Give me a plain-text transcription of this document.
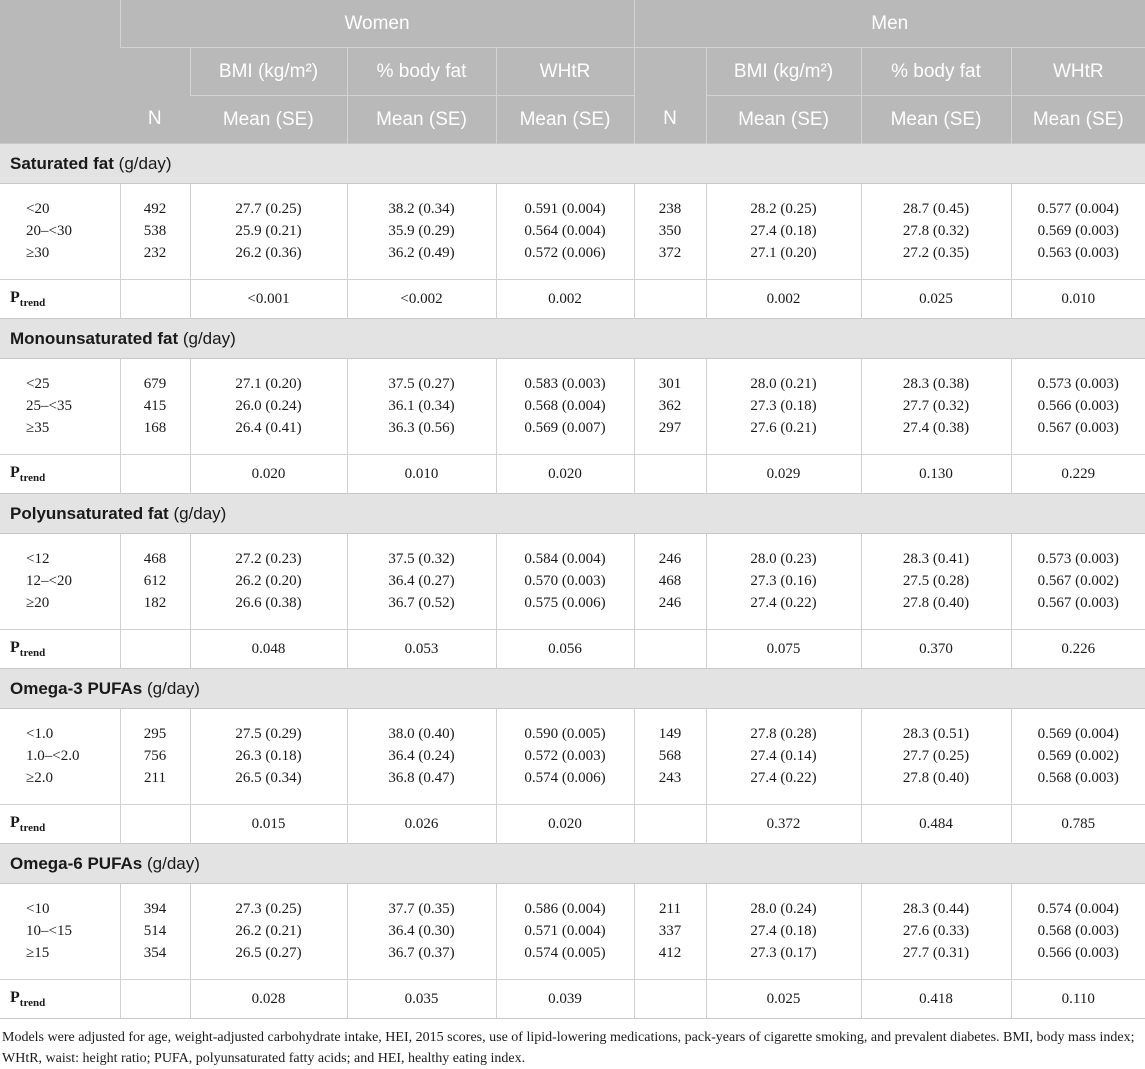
	Women				Men			
	N	BMI (kg/m²)	% body fat	WHtR	N	BMI (kg/m²)	% body fat	WHtR
		Mean (SE)	Mean (SE)	Mean (SE)		Mean (SE)	Mean (SE)	Mean (SE)
Saturated fat (g/day)								
<20	492	27.7 (0.25)	38.2 (0.34)	0.591 (0.004)	238	28.2 (0.25)	28.7 (0.45)	0.577 (0.004)
20–<30	538	25.9 (0.21)	35.9 (0.29)	0.564 (0.004)	350	27.4 (0.18)	27.8 (0.32)	0.569 (0.003)
≥30	232	26.2 (0.36)	36.2 (0.49)	0.572 (0.006)	372	27.1 (0.20)	27.2 (0.35)	0.563 (0.003)
$P_{trend}$		<0.001	<0.002	0.002		0.002	0.025	0.010
Monounsaturated fat (g/day)								
<25	679	27.1 (0.20)	37.5 (0.27)	0.583 (0.003)	301	28.0 (0.21)	28.3 (0.38)	0.573 (0.003)
25–<35	415	26.0 (0.24)	36.1 (0.34)	0.568 (0.004)	362	27.3 (0.18)	27.7 (0.32)	0.566 (0.003)
≥35	168	26.4 (0.41)	36.3 (0.56)	0.569 (0.007)	297	27.6 (0.21)	27.4 (0.38)	0.567 (0.003)
$P_{trend}$		0.020	0.010	0.020		0.029	0.130	0.229
Polyunsaturated fat (g/day)								
<12	468	27.2 (0.23)	37.5 (0.32)	0.584 (0.004)	246	28.0 (0.23)	28.3 (0.41)	0.573 (0.003)
12–<20	612	26.2 (0.20)	36.4 (0.27)	0.570 (0.003)	468	27.3 (0.16)	27.5 (0.28)	0.567 (0.002)
≥20	182	26.6 (0.38)	36.7 (0.52)	0.575 (0.006)	246	27.4 (0.22)	27.8 (0.40)	0.567 (0.003)
$P_{trend}$		0.048	0.053	0.056		0.075	0.370	0.226
Omega-3 PUFAs (g/day)								
<1.0	295	27.5 (0.29)	38.0 (0.40)	0.590 (0.005)	149	27.8 (0.28)	28.3 (0.51)	0.569 (0.004)
1.0–<2.0	756	26.3 (0.18)	36.4 (0.24)	0.572 (0.003)	568	27.4 (0.14)	27.7 (0.25)	0.569 (0.002)
≥2.0	211	26.5 (0.34)	36.8 (0.47)	0.574 (0.006)	243	27.4 (0.22)	27.8 (0.40)	0.568 (0.003)
$P_{trend}$		0.015	0.026	0.020		0.372	0.484	0.785
Omega-6 PUFAs (g/day)								
<10	394	27.3 (0.25)	37.7 (0.35)	0.586 (0.004)	211	28.0 (0.24)	28.3 (0.44)	0.574 (0.004)
10–<15	514	26.2 (0.21)	36.4 (0.30)	0.571 (0.004)	337	27.4 (0.18)	27.6 (0.33)	0.568 (0.003)
≥15	354	26.5 (0.27)	36.7 (0.37)	0.574 (0.005)	412	27.3 (0.17)	27.7 (0.31)	0.566 (0.003)
$P_{trend}$		0.028	0.035	0.039		0.025	0.418	0.110
Models were adjusted for age, weight-adjusted carbohydrate intake, HEI, 2015 scores, use of lipid-lowering medications, pack-years of cigarette smoking, and prevalent diabetes. BMI, body mass index; WHtR, waist: height ratio; PUFA, polyunsaturated fatty acids; and HEI, healthy eating index.
